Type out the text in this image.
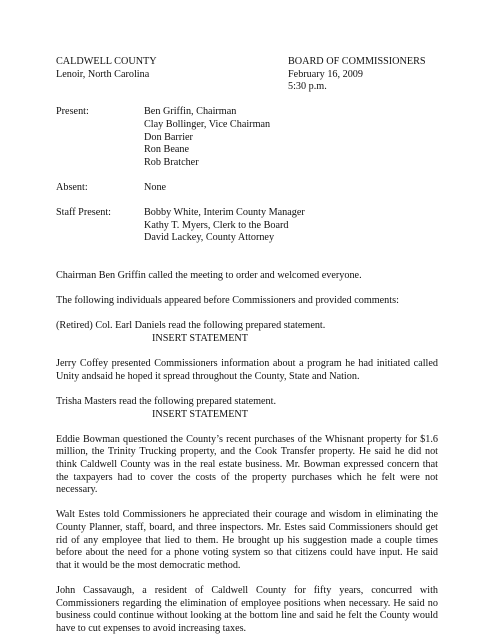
CALDWELL COUNTY	BOARD OF COMMISSIONERS
Lenoir, North Carolina	February 16, 2009
5:30 p.m.
Present:	Ben Griffin, Chairman
Clay Bollinger, Vice Chairman
Don Barrier
Ron Beane
Rob Bratcher
Absent:	None
Staff Present:	Bobby White, Interim County Manager
Kathy T. Myers, Clerk to the Board
David Lackey, County Attorney

Chairman Ben Griffin called the meeting to order and welcomed everyone.

The following individuals appeared before Commissioners and provided comments:

(Retired) Col. Earl Daniels read the following prepared statement.

INSERT STATEMENT

Jerry Coffey presented Commissioners information about a program he had initiated called Unity andsaid he hoped it spread throughout the County, State and Nation.

Trisha Masters read the following prepared statement.

INSERT STATEMENT

Eddie Bowman questioned the County’s recent purchases of the Whisnant property for $1.6 million, the Trinity Trucking property, and the Cook Transfer property. He said he did not think Caldwell County was in the real estate business. Mr. Bowman expressed concern that the taxpayers had to cover the costs of the property purchases which he felt were not necessary.

Walt Estes told Commissioners he appreciated their courage and wisdom in eliminating the County Planner, staff, board, and three inspectors. Mr. Estes said Commissioners should get rid of any employee that lied to them. He brought up his suggestion made a couple times before about the need for a phone voting system so that citizens could have input. He said that it would be the most democratic method.

John Cassavaugh, a resident of Caldwell County for fifty years, concurred with Commissioners regarding the elimination of employee positions when necessary. He said no business could continue without looking at the bottom line and said he felt the County would have to cut expenses to avoid increasing taxes.
